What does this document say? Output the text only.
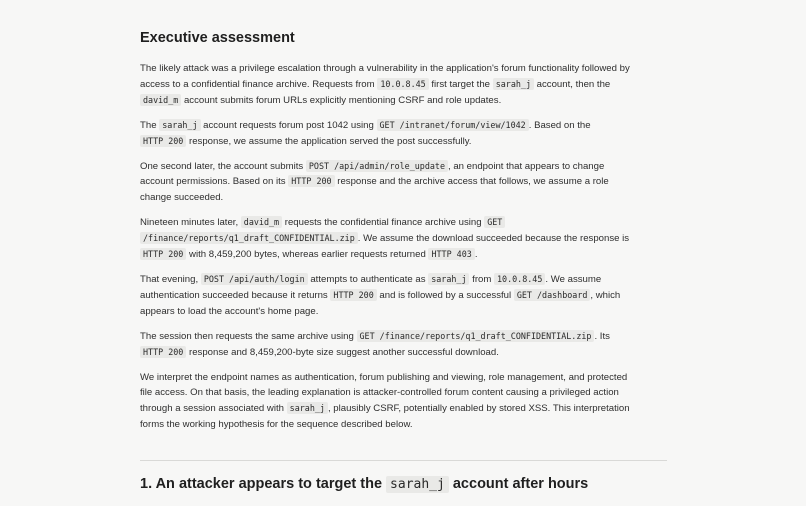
Executive assessment

The likely attack was a privilege escalation through a vulnerability in the application's forum functionality followed by access to a confidential finance archive. Requests from 10.0.8.45 first target the sarah_j account, then the david_m account submits forum URLs explicitly mentioning CSRF and role updates.

The sarah_j account requests forum post 1042 using GET /intranet/forum/view/1042 . Based on the HTTP 200 response, we assume the application served the post successfully.

One second later, the account submits POST /api/admin/role_update , an endpoint that appears to change account permissions. Based on its HTTP 200 response and the archive access that follows, we assume a role change succeeded.

Nineteen minutes later, david_m requests the confidential finance archive using GET
/finance/reports/q1_draft_CONFIDENTIAL.zip . We assume the download succeeded because the response is HTTP 200 with 8,459,200 bytes, whereas earlier requests returned HTTP 403 .

That evening, POST /api/auth/login attempts to authenticate as sarah_j from 10.0.8.45 . We assume authentication succeeded because it returns HTTP 200 and is followed by a successful GET /dashboard , which appears to load the account's home page.

The session then requests the same archive using GET /finance/reports/q1_draft_CONFIDENTIAL.zip . Its
HTTP 200 response and 8,459,200-byte size suggest another successful download.

We interpret the endpoint names as authentication, forum publishing and viewing, role management, and protected file access. On that basis, the leading explanation is attacker-controlled forum content causing a privileged action through a session associated with sarah_j , plausibly CSRF, potentially enabled by stored XSS. This interpretation forms the working hypothesis for the sequence described below.

1. An attacker appears to target the sarah_j account after hours
